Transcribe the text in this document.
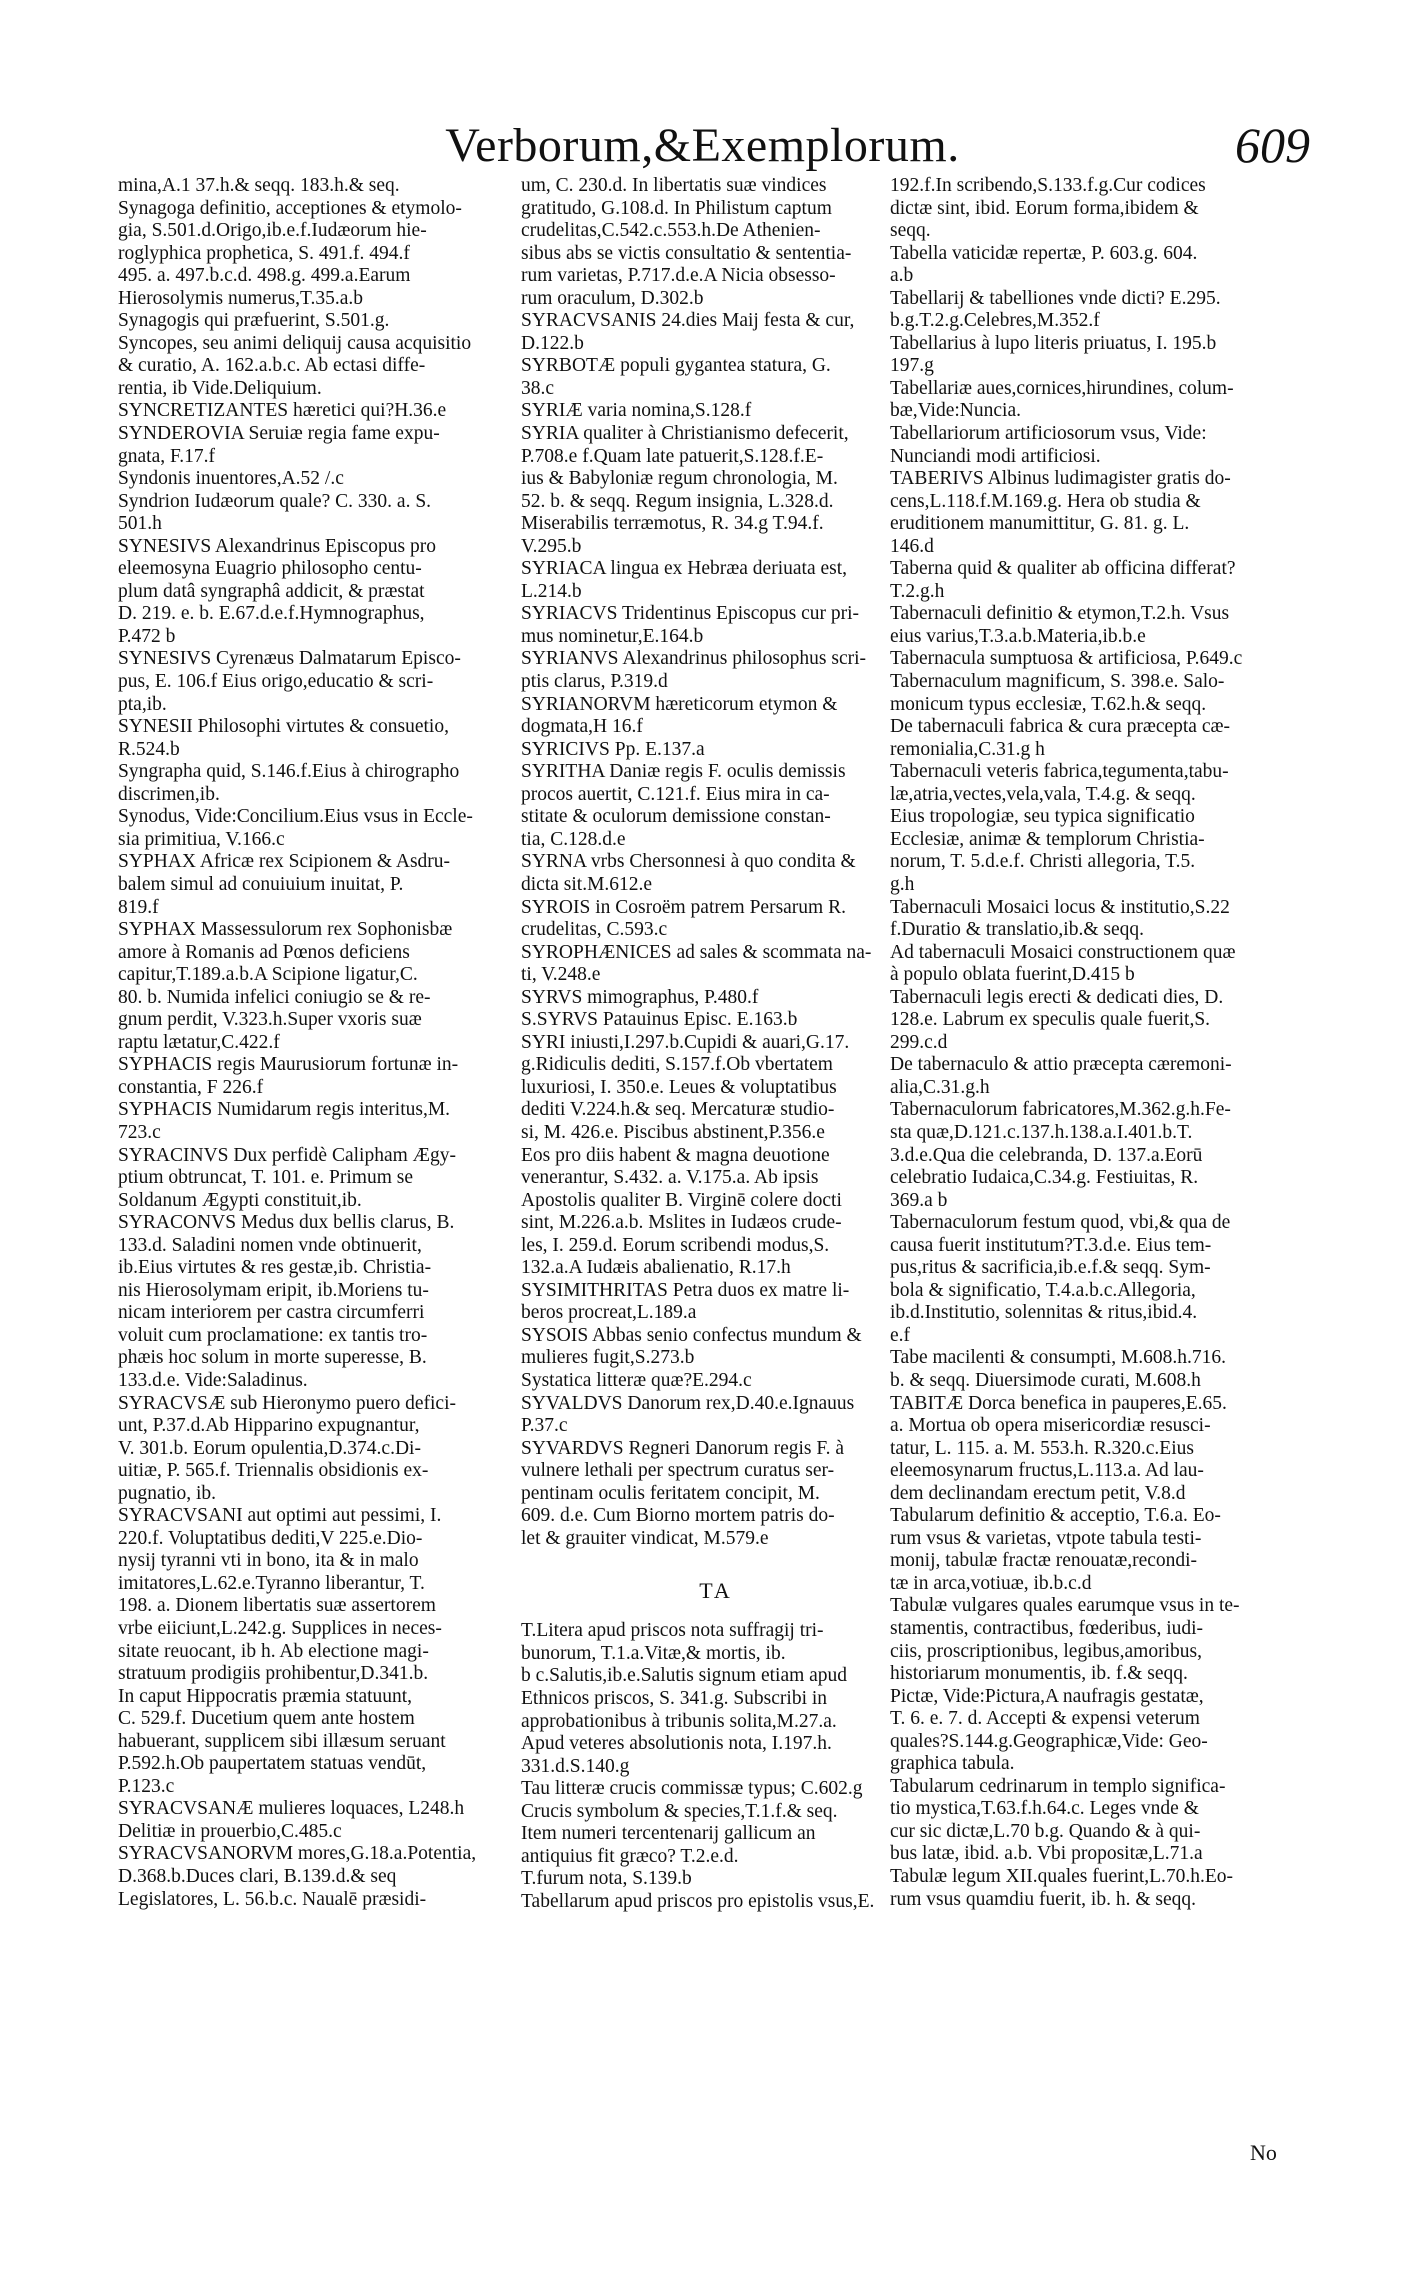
Verborum,&Exemplorum.	609
mina,A.1 37.h.& seqq. 183.h.& seq.
Synagoga definitio, acceptiones & etymolo-
gia, S.501.d.Origo,ib.e.f.Iudæorum hie-
roglyphica prophetica, S. 491.f. 494.f
495. a. 497.b.c.d. 498.g. 499.a.Earum
Hierosolymis numerus,T.35.a.b
Synagogis qui præfuerint, S.501.g.
Syncopes, seu animi deliquij causa acquisitio
& curatio, A. 162.a.b.c. Ab ectasi diffe-
rentia, ib Vide.Deliquium.
SYNCRETIZANTES hæretici qui?H.36.e
SYNDEROVIA Seruiæ regia fame expu-
gnata, F.17.f
Syndonis inuentores,A.52 /.c
Syndrion Iudæorum quale? C. 330. a. S.
501.h
SYNESIVS Alexandrinus Episcopus pro
eleemosyna Euagrio philosopho centu-
plum datâ syngraphâ addicit, & præstat
D. 219. e. b. E.67.d.e.f.Hymnographus,
P.472 b
SYNESIVS Cyrenæus Dalmatarum Episco-
pus, E. 106.f Eius origo,educatio & scri-
pta,ib.
SYNESII Philosophi virtutes & consuetio,
R.524.b
Syngrapha quid, S.146.f.Eius à chirographo
discrimen,ib.
Synodus, Vide:Concilium.Eius vsus in Eccle-
sia primitiua, V.166.c
SYPHAX Africæ rex Scipionem & Asdru-
balem simul ad conuiuium inuitat, P.
819.f
SYPHAX Massessulorum rex Sophonisbæ
amore à Romanis ad Pœnos deficiens
capitur,T.189.a.b.A Scipione ligatur,C.
80. b. Numida infelici coniugio se & re-
gnum perdit, V.323.h.Super vxoris suæ
raptu lætatur,C.422.f
SYPHACIS regis Maurusiorum fortunæ in-
constantia, F 226.f
SYPHACIS Numidarum regis interitus,M.
723.c
SYRACINVS Dux perfidè Calipham Ægy-
ptium obtruncat, T. 101. e. Primum se
Soldanum Ægypti constituit,ib.
SYRACONVS Medus dux bellis clarus, B.
133.d. Saladini nomen vnde obtinuerit,
ib.Eius virtutes & res gestæ,ib. Christia-
nis Hierosolymam eripit, ib.Moriens tu-
nicam interiorem per castra circumferri
voluit cum proclamatione: ex tantis tro-
phæis hoc solum in morte superesse, B.
133.d.e. Vide:Saladinus.
SYRACVSÆ sub Hieronymo puero defici-
unt, P.37.d.Ab Hipparino expugnantur,
V. 301.b. Eorum opulentia,D.374.c.Di-
uitiæ, P. 565.f. Triennalis obsidionis ex-
pugnatio, ib.
SYRACVSANI aut optimi aut pessimi, I.
220.f. Voluptatibus dediti,V 225.e.Dio-
nysij tyranni vti in bono, ita & in malo
imitatores,L.62.e.Tyranno liberantur, T.
198. a. Dionem libertatis suæ assertorem
vrbe eiiciunt,L.242.g. Supplices in neces-
sitate reuocant, ib h. Ab electione magi-
stratuum prodigiis prohibentur,D.341.b.
In caput Hippocratis præmia statuunt,
C. 529.f. Ducetium quem ante hostem
habuerant, supplicem sibi illæsum seruant
P.592.h.Ob paupertatem statuas vendūt,
P.123.c
SYRACVSANÆ mulieres loquaces, L248.h
Delitiæ in prouerbio,C.485.c
SYRACVSANORVM mores,G.18.a.Potentia,
D.368.b.Duces clari, B.139.d.& seq
Legislatores, L. 56.b.c. Naualē præsidi-
um, C. 230.d. In libertatis suæ vindices
gratitudo, G.108.d. In Philistum captum
crudelitas,C.542.c.553.h.De Athenien-
sibus abs se victis consultatio & sententia-
rum varietas, P.717.d.e.A Nicia obsesso-
rum oraculum, D.302.b
SYRACVSANIS 24.dies Maij festa & cur,
D.122.b
SYRBOTÆ populi gygantea statura, G.
38.c
SYRIÆ varia nomina,S.128.f
SYRIA qualiter à Christianismo defecerit,
P.708.e f.Quam late patuerit,S.128.f.E-
ius & Babyloniæ regum chronologia, M.
52. b. & seqq. Regum insignia, L.328.d.
Miserabilis terræmotus, R. 34.g T.94.f.
V.295.b
SYRIACA lingua ex Hebræa deriuata est,
L.214.b
SYRIACVS Tridentinus Episcopus cur pri-
mus nominetur,E.164.b
SYRIANVS Alexandrinus philosophus scri-
ptis clarus, P.319.d
SYRIANORVM hæreticorum etymon &
dogmata,H 16.f
SYRICIVS Pp. E.137.a
SYRITHA Daniæ regis F. oculis demissis
procos auertit, C.121.f. Eius mira in ca-
stitate & oculorum demissione constan-
tia, C.128.d.e
SYRNA vrbs Chersonnesi à quo condita &
dicta sit.M.612.e
SYROIS in Cosroëm patrem Persarum R.
crudelitas, C.593.c
SYROPHÆNICES ad sales & scommata na-
ti, V.248.e
SYRVS mimographus, P.480.f
S.SYRVS Patauinus Episc. E.163.b
SYRI iniusti,I.297.b.Cupidi & auari,G.17.
g.Ridiculis dediti, S.157.f.Ob vbertatem
luxuriosi, I. 350.e. Leues & voluptatibus
dediti V.224.h.& seq. Mercaturæ studio-
si, M. 426.e. Piscibus abstinent,P.356.e
Eos pro diis habent & magna deuotione
venerantur, S.432. a. V.175.a. Ab ipsis
Apostolis qualiter B. Virginē colere docti
sint, M.226.a.b. Mslites in Iudæos crude-
les, I. 259.d. Eorum scribendi modus,S.
132.a.A Iudæis abalienatio, R.17.h
SYSIMITHRITAS Petra duos ex matre li-
beros procreat,L.189.a
SYSOIS Abbas senio confectus mundum &
mulieres fugit,S.273.b
Systatica litteræ quæ?E.294.c
SYVALDVS Danorum rex,D.40.e.Ignauus
P.37.c
SYVARDVS Regneri Danorum regis F. à
vulnere lethali per spectrum curatus ser-
pentinam oculis feritatem concipit, M.
609. d.e. Cum Biorno mortem patris do-
let & grauiter vindicat, M.579.e
TA
T.Litera apud priscos nota suffragij tri-
bunorum, T.1.a.Vitæ,& mortis, ib.
b c.Salutis,ib.e.Salutis signum etiam apud
Ethnicos priscos, S. 341.g. Subscribi in
approbationibus à tribunis solita,M.27.a.
Apud veteres absolutionis nota, I.197.h.
331.d.S.140.g
Tau litteræ crucis commissæ typus; C.602.g
Crucis symbolum & species,T.1.f.& seq.
Item numeri tercentenarij gallicum an
antiquius fit græco? T.2.e.d.
T.furum nota, S.139.b
Tabellarum apud priscos pro epistolis vsus,E.
192.f.In scribendo,S.133.f.g.Cur codices
dictæ sint, ibid. Eorum forma,ibidem &
seqq.
Tabella vaticidæ repertæ, P. 603.g. 604.
a.b
Tabellarij & tabelliones vnde dicti? E.295.
b.g.T.2.g.Celebres,M.352.f
Tabellarius à lupo literis priuatus, I. 195.b
197.g
Tabellariæ aues,cornices,hirundines, colum-
bæ,Vide:Nuncia.
Tabellariorum artificiosorum vsus, Vide:
Nunciandi modi artificiosi.
TABERIVS Albinus ludimagister gratis do-
cens,L.118.f.M.169.g. Hera ob studia &
eruditionem manumittitur, G. 81. g. L.
146.d
Taberna quid & qualiter ab officina differat?
T.2.g.h
Tabernaculi definitio & etymon,T.2.h. Vsus
eius varius,T.3.a.b.Materia,ib.b.e
Tabernacula sumptuosa & artificiosa, P.649.c
Tabernaculum magnificum, S. 398.e. Salo-
monicum typus ecclesiæ, T.62.h.& seqq.
De tabernaculi fabrica & cura præcepta cæ-
remonialia,C.31.g h
Tabernaculi veteris fabrica,tegumenta,tabu-
læ,atria,vectes,vela,vala, T.4.g. & seqq.
Eius tropologiæ, seu typica significatio
Ecclesiæ, animæ & templorum Christia-
norum, T. 5.d.e.f. Christi allegoria, T.5.
g.h
Tabernaculi Mosaici locus & institutio,S.22
f.Duratio & translatio,ib.& seqq.
Ad tabernaculi Mosaici constructionem quæ
à populo oblata fuerint,D.415 b
Tabernaculi legis erecti & dedicati dies, D.
128.e. Labrum ex speculis quale fuerit,S.
299.c.d
De tabernaculo & attio præcepta cæremoni-
alia,C.31.g.h
Tabernaculorum fabricatores,M.362.g.h.Fe-
sta quæ,D.121.c.137.h.138.a.I.401.b.T.
3.d.e.Qua die celebranda, D. 137.a.Eorū
celebratio Iudaica,C.34.g. Festiuitas, R.
369.a b
Tabernaculorum festum quod, vbi,& qua de
causa fuerit institutum?T.3.d.e. Eius tem-
pus,ritus & sacrificia,ib.e.f.& seqq. Sym-
bola & significatio, T.4.a.b.c.Allegoria,
ib.d.Institutio, solennitas & ritus,ibid.4.
e.f
Tabe macilenti & consumpti, M.608.h.716.
b. & seqq. Diuersimode curati, M.608.h
TABITÆ Dorca benefica in pauperes,E.65.
a. Mortua ob opera misericordiæ resusci-
tatur, L. 115. a. M. 553.h. R.320.c.Eius
eleemosynarum fructus,L.113.a. Ad lau-
dem declinandam erectum petit, V.8.d
Tabularum definitio & acceptio, T.6.a. Eo-
rum vsus & varietas, vtpote tabula testi-
monij, tabulæ fractæ renouatæ,recondi-
tæ in arca,votiuæ, ib.b.c.d
Tabulæ vulgares quales earumque vsus in te-
stamentis, contractibus, fœderibus, iudi-
ciis, proscriptionibus, legibus,amoribus,
historiarum monumentis, ib. f.& seqq.
Pictæ, Vide:Pictura,A naufragis gestatæ,
T. 6. e. 7. d. Accepti & expensi veterum
quales?S.144.g.Geographicæ,Vide: Geo-
graphica tabula.
Tabularum cedrinarum in templo significa-
tio mystica,T.63.f.h.64.c. Leges vnde &
cur sic dictæ,L.70 b.g. Quando & à qui-
bus latæ, ibid. a.b. Vbi propositæ,L.71.a
Tabulæ legum XII.quales fuerint,L.70.h.Eo-
rum vsus quamdiu fuerit, ib. h. & seqq.
No
